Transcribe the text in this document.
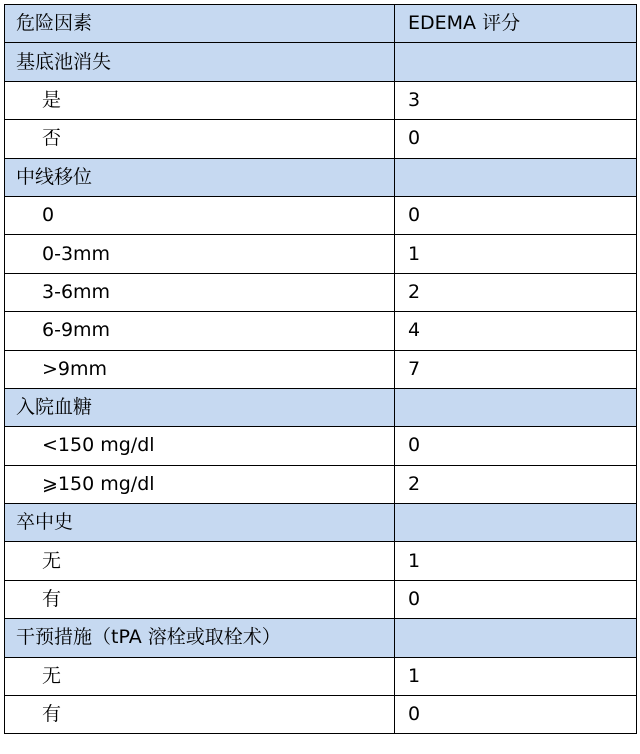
危险因素	EDEMA 评分
基底池消失	
是	3
否	0
中线移位	
0	0
0-3mm	1
3-6mm	2
6-9mm	4
>9mm	7
入院血糖	
<150 mg/dl	0
⩾150 mg/dl	2
卒中史	
无	1
有	0
干预措施（tPA 溶栓或取栓术）	
无	1
有	0
